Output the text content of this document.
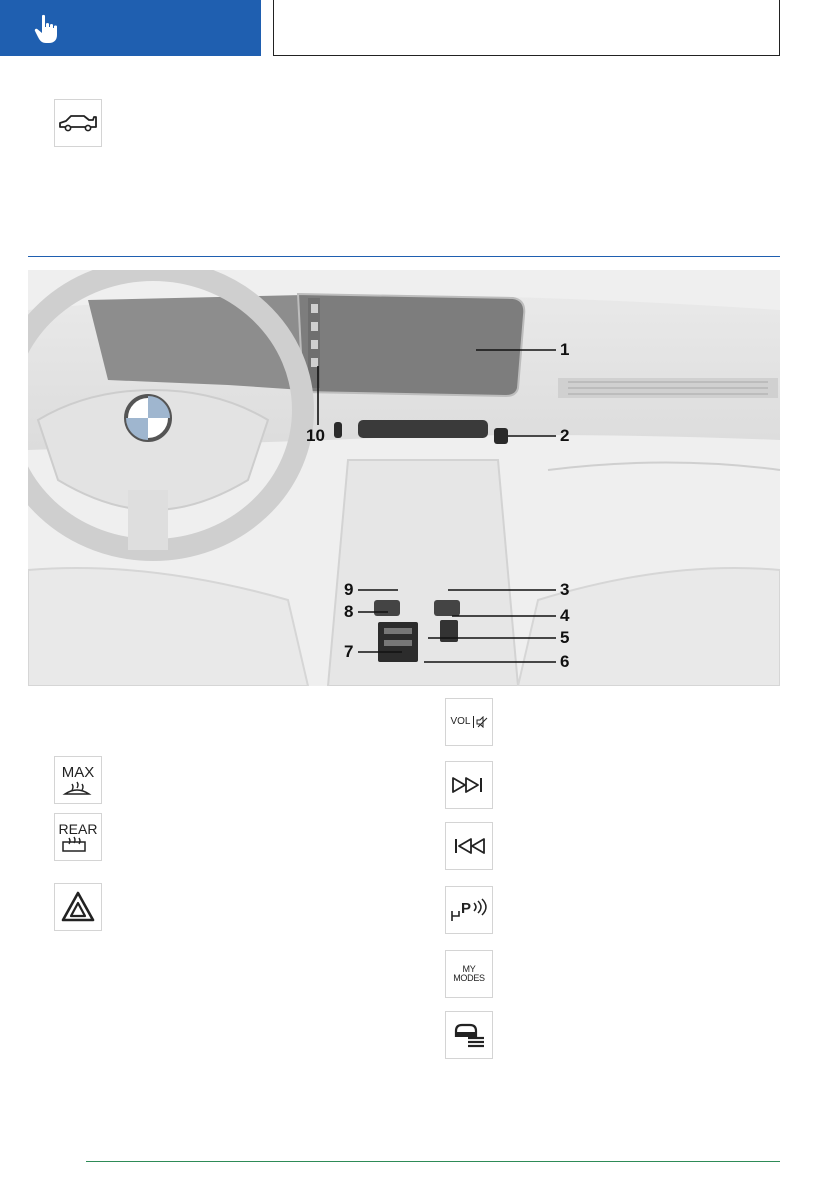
1
2
3
4
5
6
7
8
9
10
MAX
REAR
VOL
P
MY MODES
